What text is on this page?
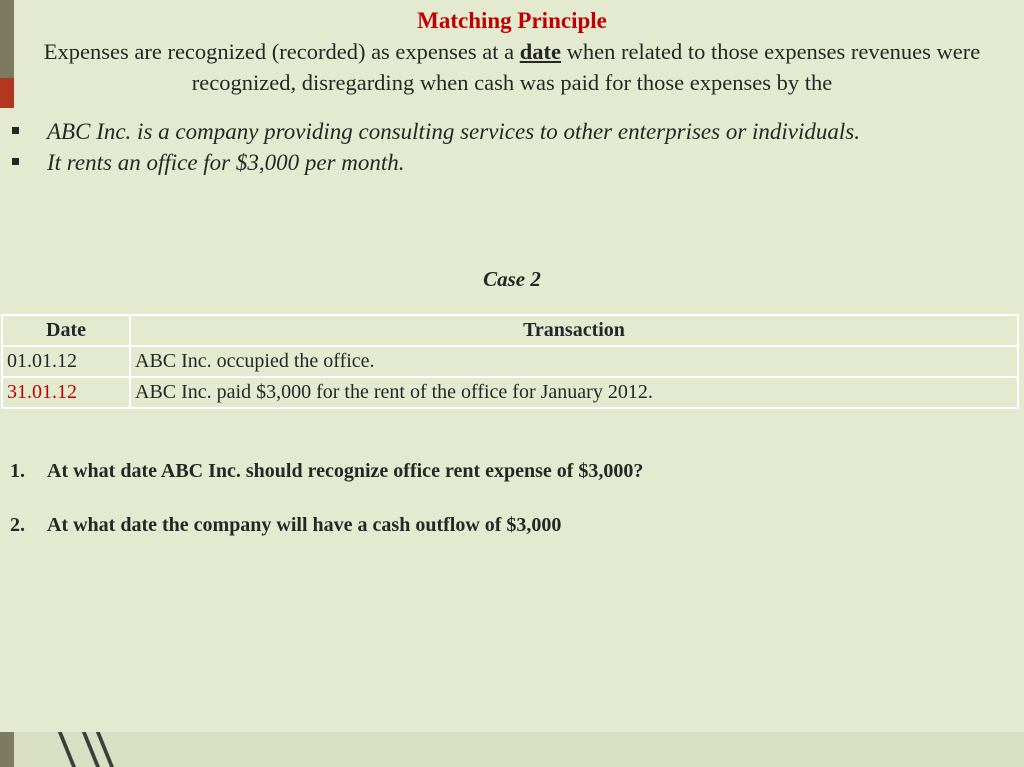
Matching Principle
Expenses are recognized (recorded) as expenses at a date when related to those expenses revenues were recognized, disregarding when cash was paid for those expenses by the
ABC Inc. is a company providing consulting services to other enterprises or individuals.
It rents an office for $3,000 per month.
Case 2
Date	Transaction
01.01.12	ABC Inc. occupied the office.
31.01.12	ABC Inc. paid $3,000 for the rent of the office for January 2012.
1. At what date ABC Inc. should recognize office rent expense of $3,000?
2. At what date the company will have a cash outflow of $3,000
